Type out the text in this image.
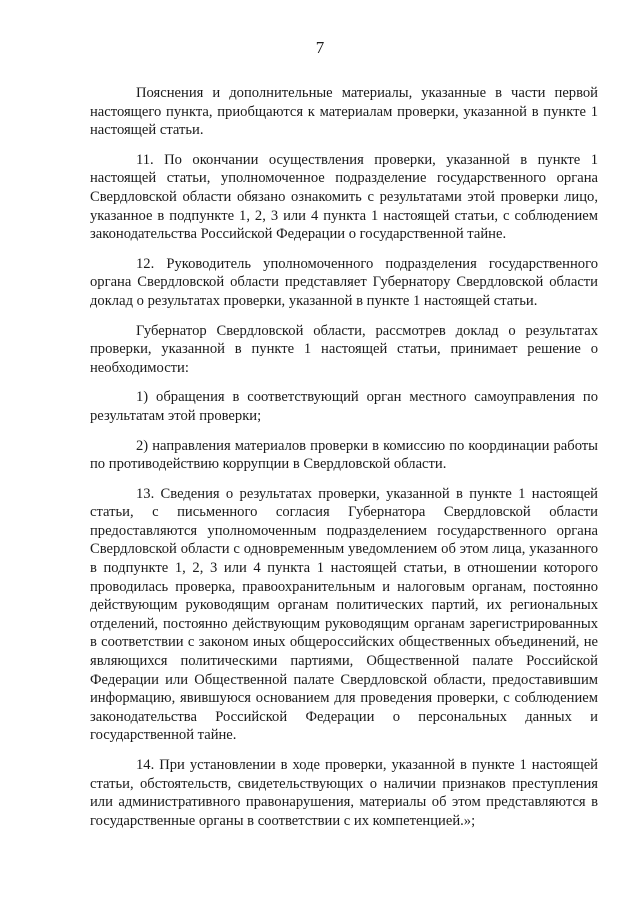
7

Пояснения и дополнительные материалы, указанные в части первой настоящего пункта, приобщаются к материалам проверки, указанной в пункте 1 настоящей статьи.

11. По окончании осуществления проверки, указанной в пункте 1 настоящей статьи, уполномоченное подразделение государственного органа Свердловской области обязано ознакомить с результатами этой проверки лицо, указанное в подпункте 1, 2, 3 или 4 пункта 1 настоящей статьи, с соблюдением законодательства Российской Федерации о государственной тайне.

12. Руководитель уполномоченного подразделения государственного органа Свердловской области представляет Губернатору Свердловской области доклад о результатах проверки, указанной в пункте 1 настоящей статьи.

Губернатор Свердловской области, рассмотрев доклад о результатах проверки, указанной в пункте 1 настоящей статьи, принимает решение о необходимости:

1) обращения в соответствующий орган местного самоуправления по результатам этой проверки;

2) направления материалов проверки в комиссию по координации работы по противодействию коррупции в Свердловской области.

13. Сведения о результатах проверки, указанной в пункте 1 настоящей статьи, с письменного согласия Губернатора Свердловской области предоставляются уполномоченным подразделением государственного органа Свердловской области с одновременным уведомлением об этом лица, указанного в подпункте 1, 2, 3 или 4 пункта 1 настоящей статьи, в отношении которого проводилась проверка, правоохранительным и налоговым органам, постоянно действующим руководящим органам политических партий, их региональных отделений, постоянно действующим руководящим органам зарегистрированных в соответствии с законом иных общероссийских общественных объединений, не являющихся политическими партиями, Общественной палате Российской Федерации или Общественной палате Свердловской области, предоставившим информацию, явившуюся основанием для проведения проверки, с соблюдением законодательства Российской Федерации о персональных данных и государственной тайне.

14. При установлении в ходе проверки, указанной в пункте 1 настоящей статьи, обстоятельств, свидетельствующих о наличии признаков преступления или административного правонарушения, материалы об этом представляются в государственные органы в соответствии с их компетенцией.»;
